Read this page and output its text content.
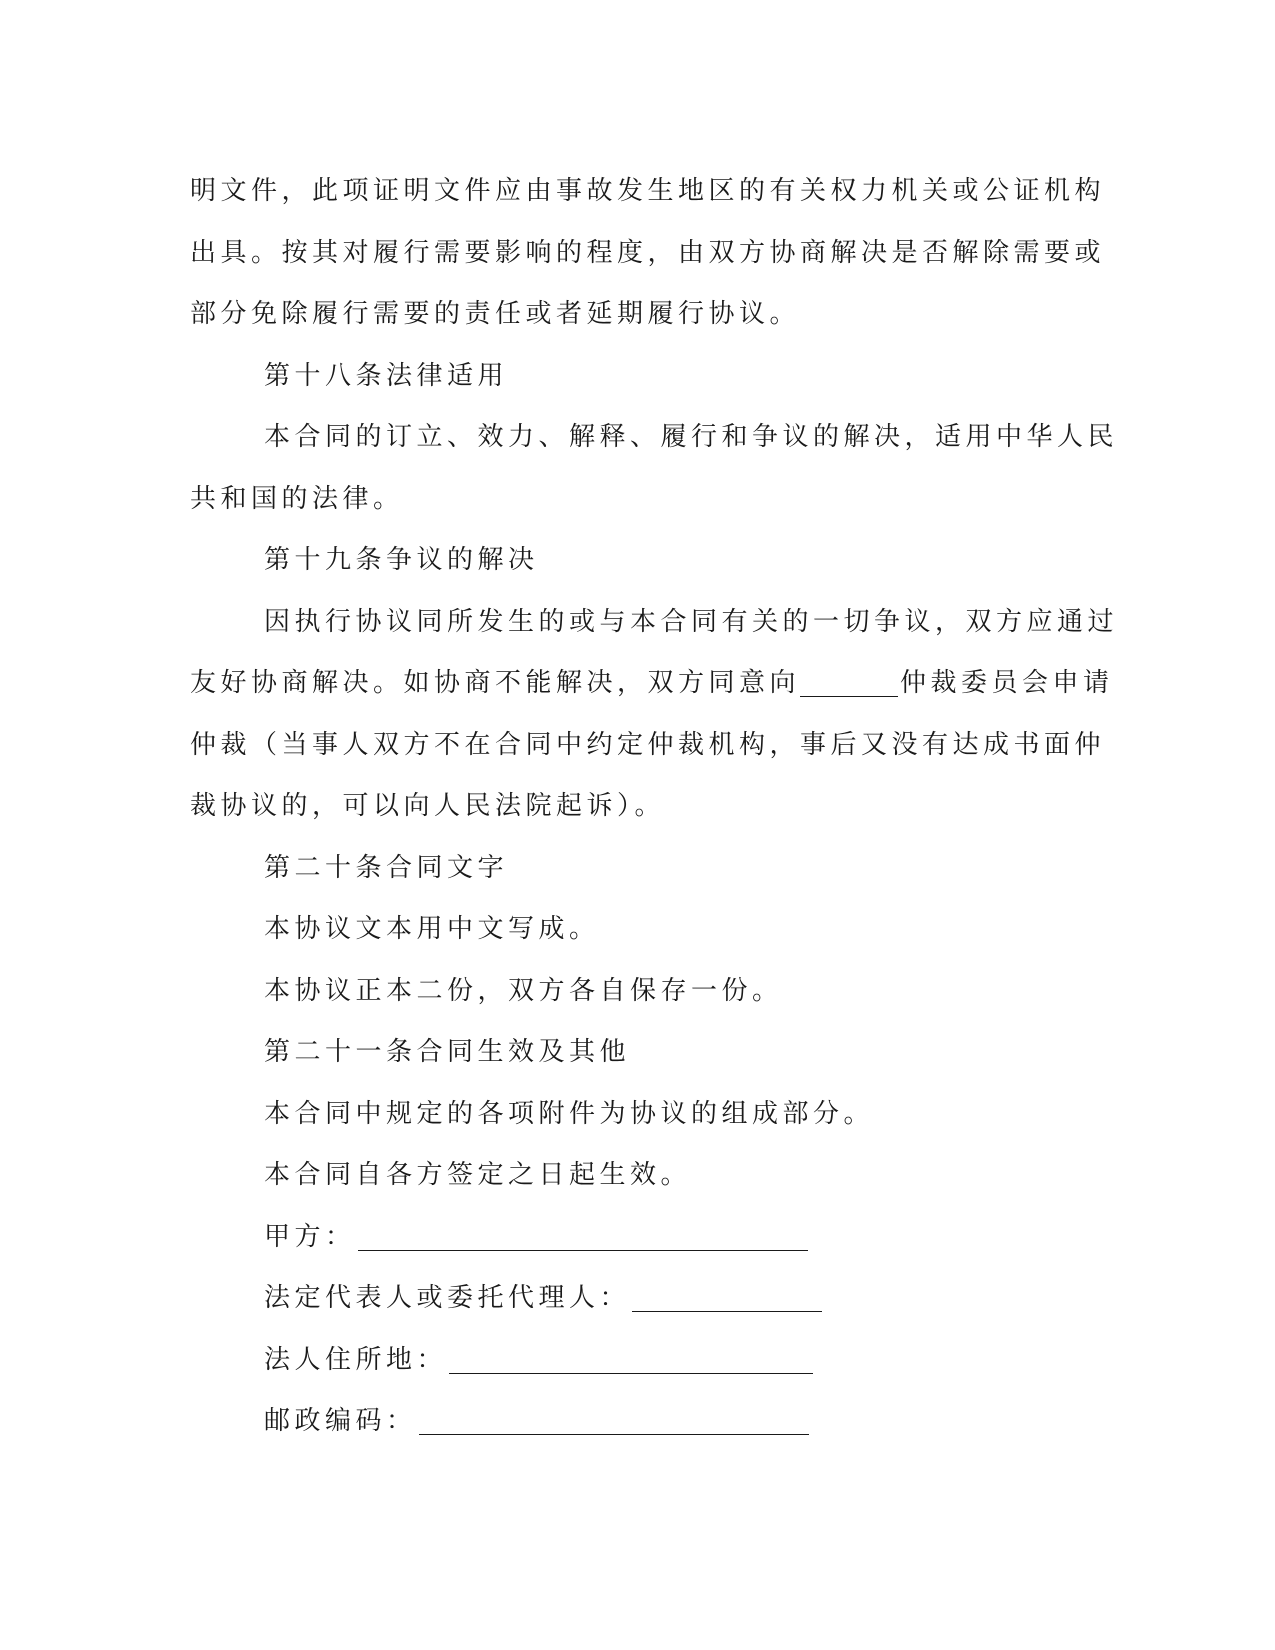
明文件，此项证明文件应由事故发生地区的有关权力机关或公证机构
出具。按其对履行需要影响的程度，由双方协商解决是否解除需要或
部分免除履行需要的责任或者延期履行协议。
第十八条法律适用
本合同的订立、效力、解释、履行和争议的解决，适用中华人民
共和国的法律。
第十九条争议的解决
因执行协议同所发生的或与本合同有关的一切争议，双方应通过
友好协商解决。如协商不能解决，双方同意向	仲裁委员会申请
仲裁（当事人双方不在合同中约定仲裁机构，事后又没有达成书面仲
裁协议的，可以向人民法院起诉）。
第二十条合同文字
本协议文本用中文写成。
本协议正本二份，双方各自保存一份。
第二十一条合同生效及其他
本合同中规定的各项附件为协议的组成部分。
本合同自各方签定之日起生效。
甲方：
法定代表人或委托代理人：
法人住所地：
邮政编码：
